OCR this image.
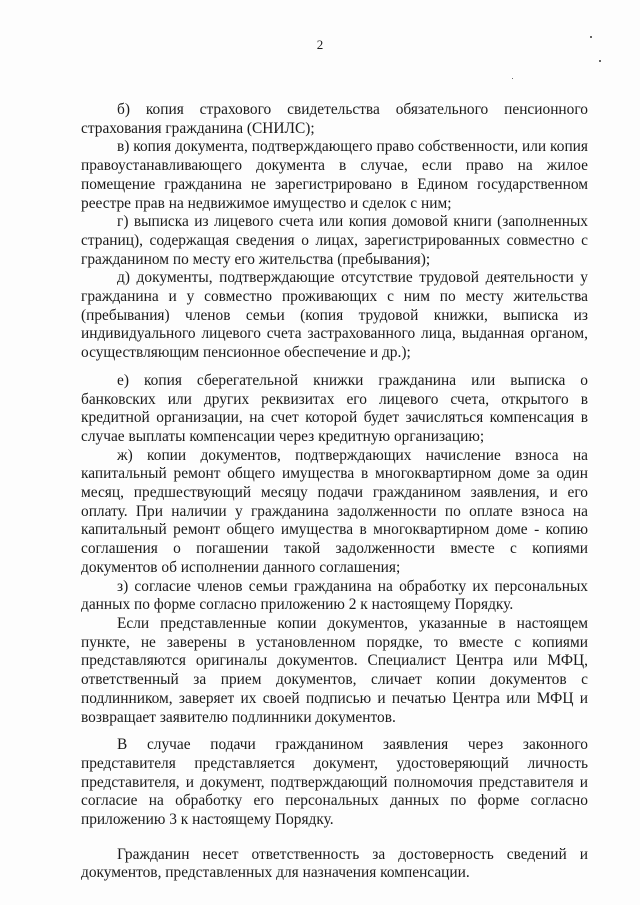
2

б) копия страхового свидетельства обязательного пенсионного страхования гражданина (СНИЛС);

в) копия документа, подтверждающего право собственности, или копия правоустанавливающего документа в случае, если право на жилое помещение гражданина не зарегистрировано в Едином государственном реестре прав на недвижимое имущество и сделок с ним;

г) выписка из лицевого счета или копия домовой книги (заполненных страниц), содержащая сведения о лицах, зарегистрированных совместно с гражданином по месту его жительства (пребывания);

д) документы, подтверждающие отсутствие трудовой деятельности у гражданина и у совместно проживающих с ним по месту жительства (пребывания) членов семьи (копия трудовой книжки, выписка из индивидуального лицевого счета застрахованного лица, выданная органом, осуществляющим пенсионное обеспечение и др.);

е) копия сберегательной книжки гражданина или выписка о банковских или других реквизитах его лицевого счета, открытого в кредитной организации, на счет которой будет зачисляться компенсация в случае выплаты компенсации через кредитную организацию;

ж) копии документов, подтверждающих начисление взноса на капитальный ремонт общего имущества в многоквартирном доме за один месяц, предшествующий месяцу подачи гражданином заявления, и его оплату. При наличии у гражданина задолженности по оплате взноса на капитальный ремонт общего имущества в многоквартирном доме - копию соглашения о погашении такой задолженности вместе с копиями документов об исполнении данного соглашения;

з) согласие членов семьи гражданина на обработку их персональных данных по форме согласно приложению 2 к настоящему Порядку.

Если представленные копии документов, указанные в настоящем пункте, не заверены в установленном порядке, то вместе с копиями представляются оригиналы документов. Специалист Центра или МФЦ, ответственный за прием документов, сличает копии документов с подлинником, заверяет их своей подписью и печатью Центра или МФЦ и возвращает заявителю подлинники документов.

В случае подачи гражданином заявления через законного представителя представляется документ, удостоверяющий личность представителя, и документ, подтверждающий полномочия представителя и согласие на обработку его персональных данных по форме согласно приложению 3 к настоящему Порядку.

Гражданин несет ответственность за достоверность сведений и документов, представленных для назначения компенсации.
